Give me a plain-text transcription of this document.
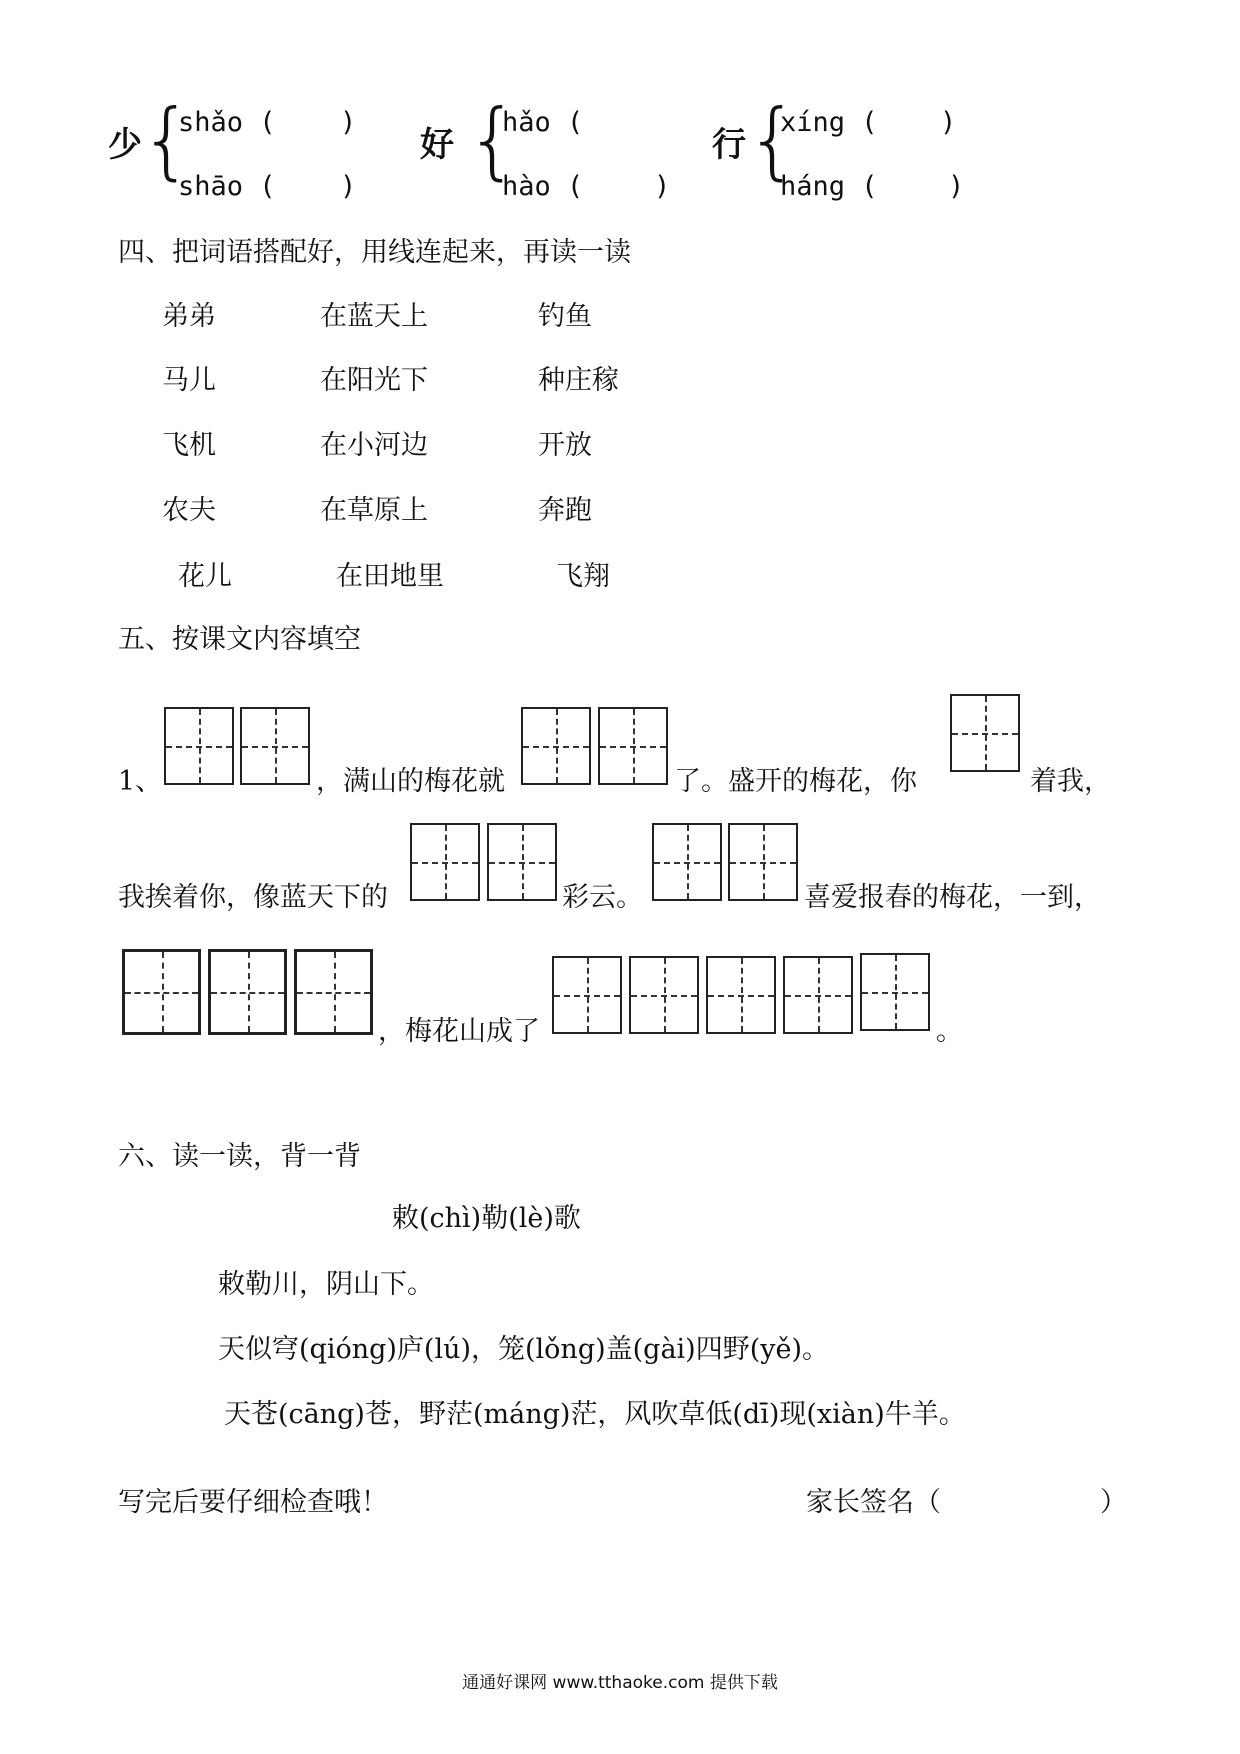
少
{
shǎo ( )
shāo ( )
好 {
hǎo (
hào (	)
行 {
xíng ( )
háng (	)
四、把词语搭配好，用线连起来，再读一读
弟弟	在蓝天上	钓鱼
马儿	在阳光下	种庄稼
飞机	在小河边	开放
农夫	在草原上	奔跑
花儿	在田地里	飞翔
五、按课文内容填空
1、	，满山的梅花就	了。盛开的梅花，你	着我，
我挨着你，像蓝天下的	彩云。	喜爱报春的梅花，一到，
，梅花山成了	。
六、读一读，背一背
敕(chì)勒(lè)歌
敕勒川，阴山下。
天似穹(qióng)庐(lú)，笼(lǒng)盖(gài)四野(yě)。
天苍(cāng)苍，野茫(máng)茫，风吹草低(dī)现(xiàn)牛羊。
写完后要仔细检查哦！	家长签名（	）
通通好课网 www.tthaoke.com 提供下载
